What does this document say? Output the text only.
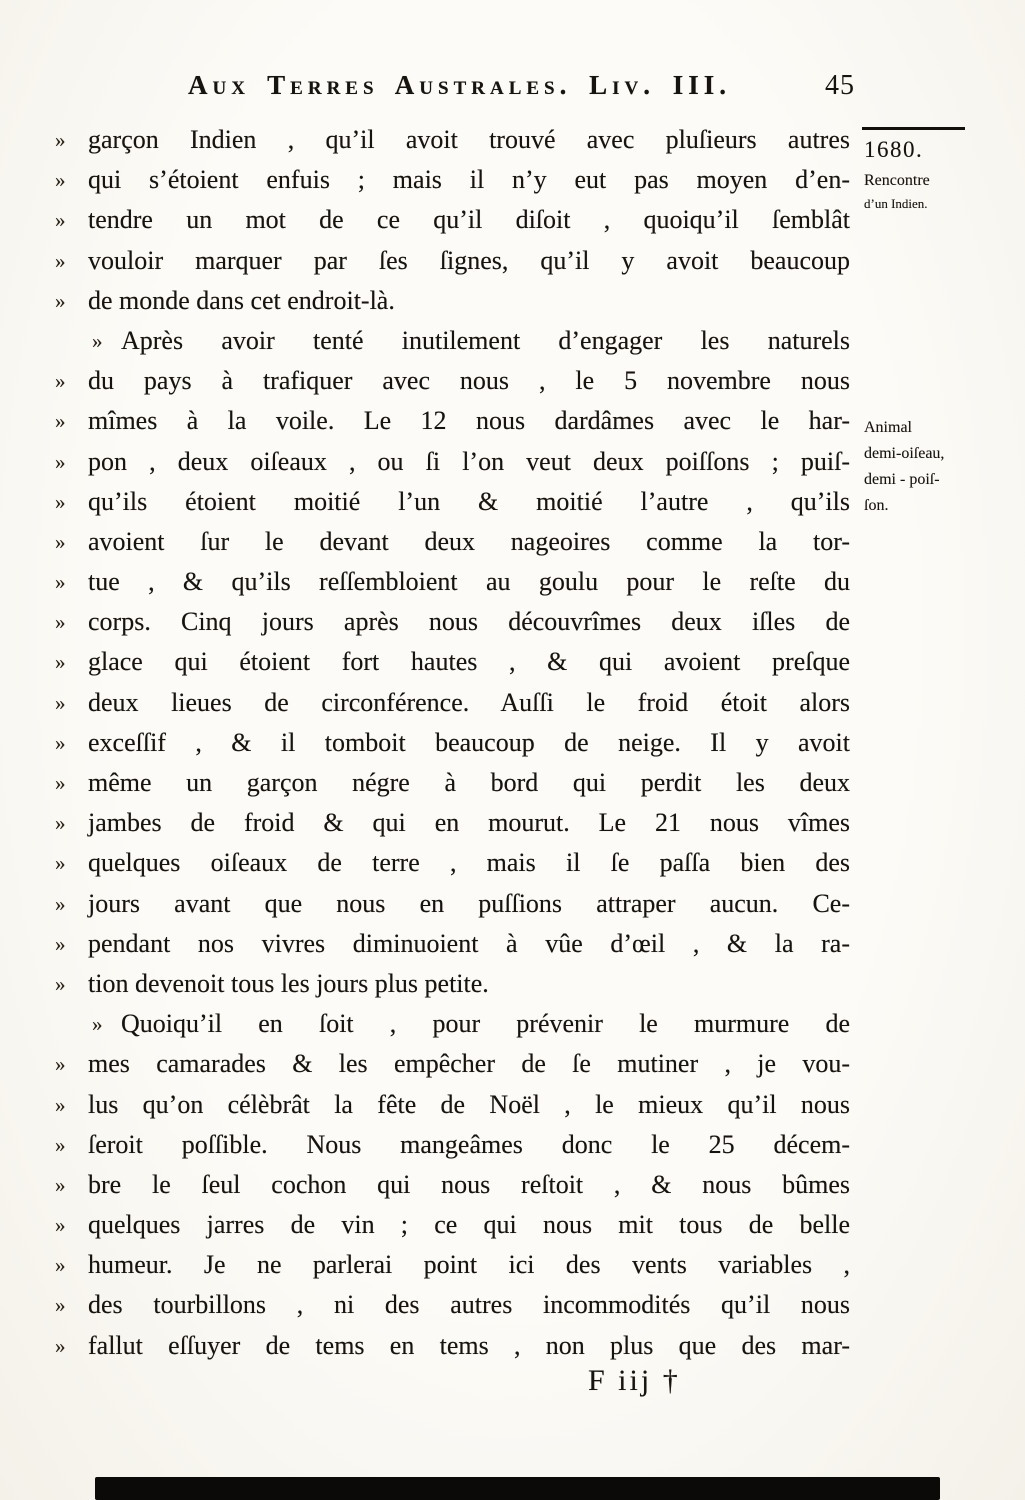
Aux Terres Australes. Liv. III.	45
» garçon Indien , qu’il avoit trouvé avec pluſieurs autres
» qui s’étoient enfuis ; mais il n’y eut pas moyen d’en-
» tendre un mot de ce qu’il diſoit , quoiqu’il ſemblât
» vouloir marquer par ſes ſignes, qu’il y avoit beaucoup
» de monde dans cet endroit-là.
» Après avoir tenté inutilement d’engager les naturels
» du pays à trafiquer avec nous , le 5 novembre nous
» mîmes à la voile. Le 12 nous dardâmes avec le har-
» pon , deux oiſeaux , ou ſi l’on veut deux poiſſons ; puiſ-
» qu’ils étoient moitié l’un & moitié l’autre , qu’ils
» avoient ſur le devant deux nageoires comme la tor-
» tue , & qu’ils reſſembloient au goulu pour le reſte du
» corps. Cinq jours après nous découvrîmes deux iſles de
» glace qui étoient fort hautes , & qui avoient preſque
» deux lieues de circonférence. Auſſi le froid étoit alors
» exceſſif , & il tomboit beaucoup de neige. Il y avoit
» même un garçon négre à bord qui perdit les deux
» jambes de froid & qui en mourut. Le 21 nous vîmes
» quelques oiſeaux de terre , mais il ſe paſſa bien des
» jours avant que nous en puſſions attraper aucun. Ce-
» pendant nos vivres diminuoient à vûe d’œil , & la ra-
» tion devenoit tous les jours plus petite.
» Quoiqu’il en ſoit , pour prévenir le murmure de
» mes camarades & les empêcher de ſe mutiner , je vou-
» lus qu’on célèbrât la fête de Noël , le mieux qu’il nous
» ſeroit poſſible. Nous mangeâmes donc le 25 décem-
» bre le ſeul cochon qui nous reſtoit , & nous bûmes
» quelques jarres de vin ; ce qui nous mit tous de belle
» humeur. Je ne parlerai point ici des vents variables ,
» des tourbillons , ni des autres incommodités qu’il nous
» fallut eſſuyer de tems en tems , non plus que des mar-
1680.
Rencontre
d’un Indien.
Animal
demi-oiſeau,
demi - poiſ-
ſon.
F iij †
